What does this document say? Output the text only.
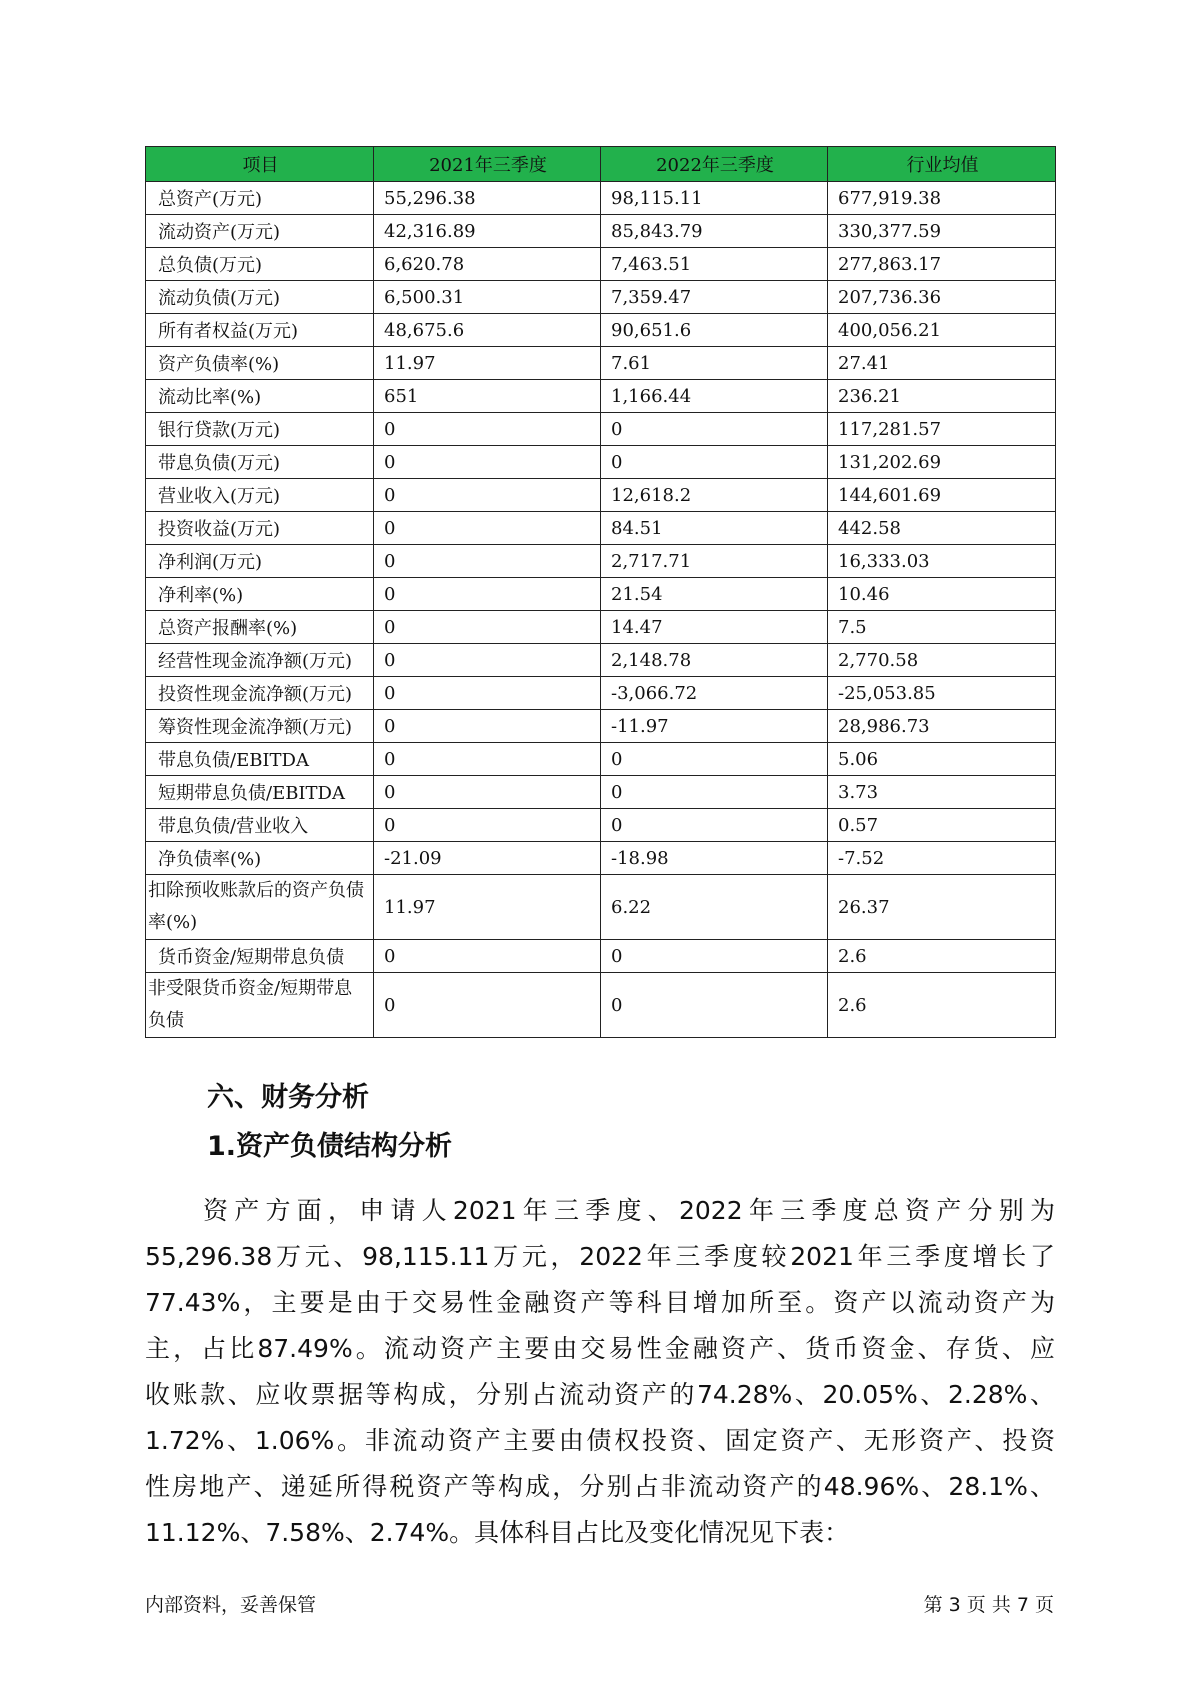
项目	2021年三季度	2022年三季度	行业均值
总资产(万元)	55,296.38	98,115.11	677,919.38
流动资产(万元)	42,316.89	85,843.79	330,377.59
总负债(万元)	6,620.78	7,463.51	277,863.17
流动负债(万元)	6,500.31	7,359.47	207,736.36
所有者权益(万元)	48,675.6	90,651.6	400,056.21
资产负债率(%)	11.97	7.61	27.41
流动比率(%)	651	1,166.44	236.21
银行贷款(万元)	0	0	117,281.57
带息负债(万元)	0	0	131,202.69
营业收入(万元)	0	12,618.2	144,601.69
投资收益(万元)	0	84.51	442.58
净利润(万元)	0	2,717.71	16,333.03
净利率(%)	0	21.54	10.46
总资产报酬率(%)	0	14.47	7.5
经营性现金流净额(万元)	0	2,148.78	2,770.58
投资性现金流净额(万元)	0	-3,066.72	-25,053.85
筹资性现金流净额(万元)	0	-11.97	28,986.73
带息负债/EBITDA	0	0	5.06
短期带息负债/EBITDA	0	0	3.73
带息负债/营业收入	0	0	0.57
净负债率(%)	-21.09	-18.98	-7.52
扣除预收账款后的资产负债率(%)	11.97	6.22	26.37
货币资金/短期带息负债	0	0	2.6
非受限货币资金/短期带息负债	0	0	2.6
六、财务分析
1.资产负债结构分析
资产方面，申请人2021年三季度、2022年三季度总资产分别为
55,296.38万元、98,115.11万元，2022年三季度较2021年三季度增长了
77.43%，主要是由于交易性金融资产等科目增加所至。资产以流动资产为
主，占比87.49%。流动资产主要由交易性金融资产、货币资金、存货、应
收账款、应收票据等构成，分别占流动资产的74.28%、20.05%、2.28%、
1.72%、1.06%。非流动资产主要由债权投资、固定资产、无形资产、投资
性房地产、递延所得税资产等构成，分别占非流动资产的48.96%、28.1%、
11.12%、7.58%、2.74%。具体科目占比及变化情况见下表：
内部资料，妥善保管	第 3 页 共 7 页
